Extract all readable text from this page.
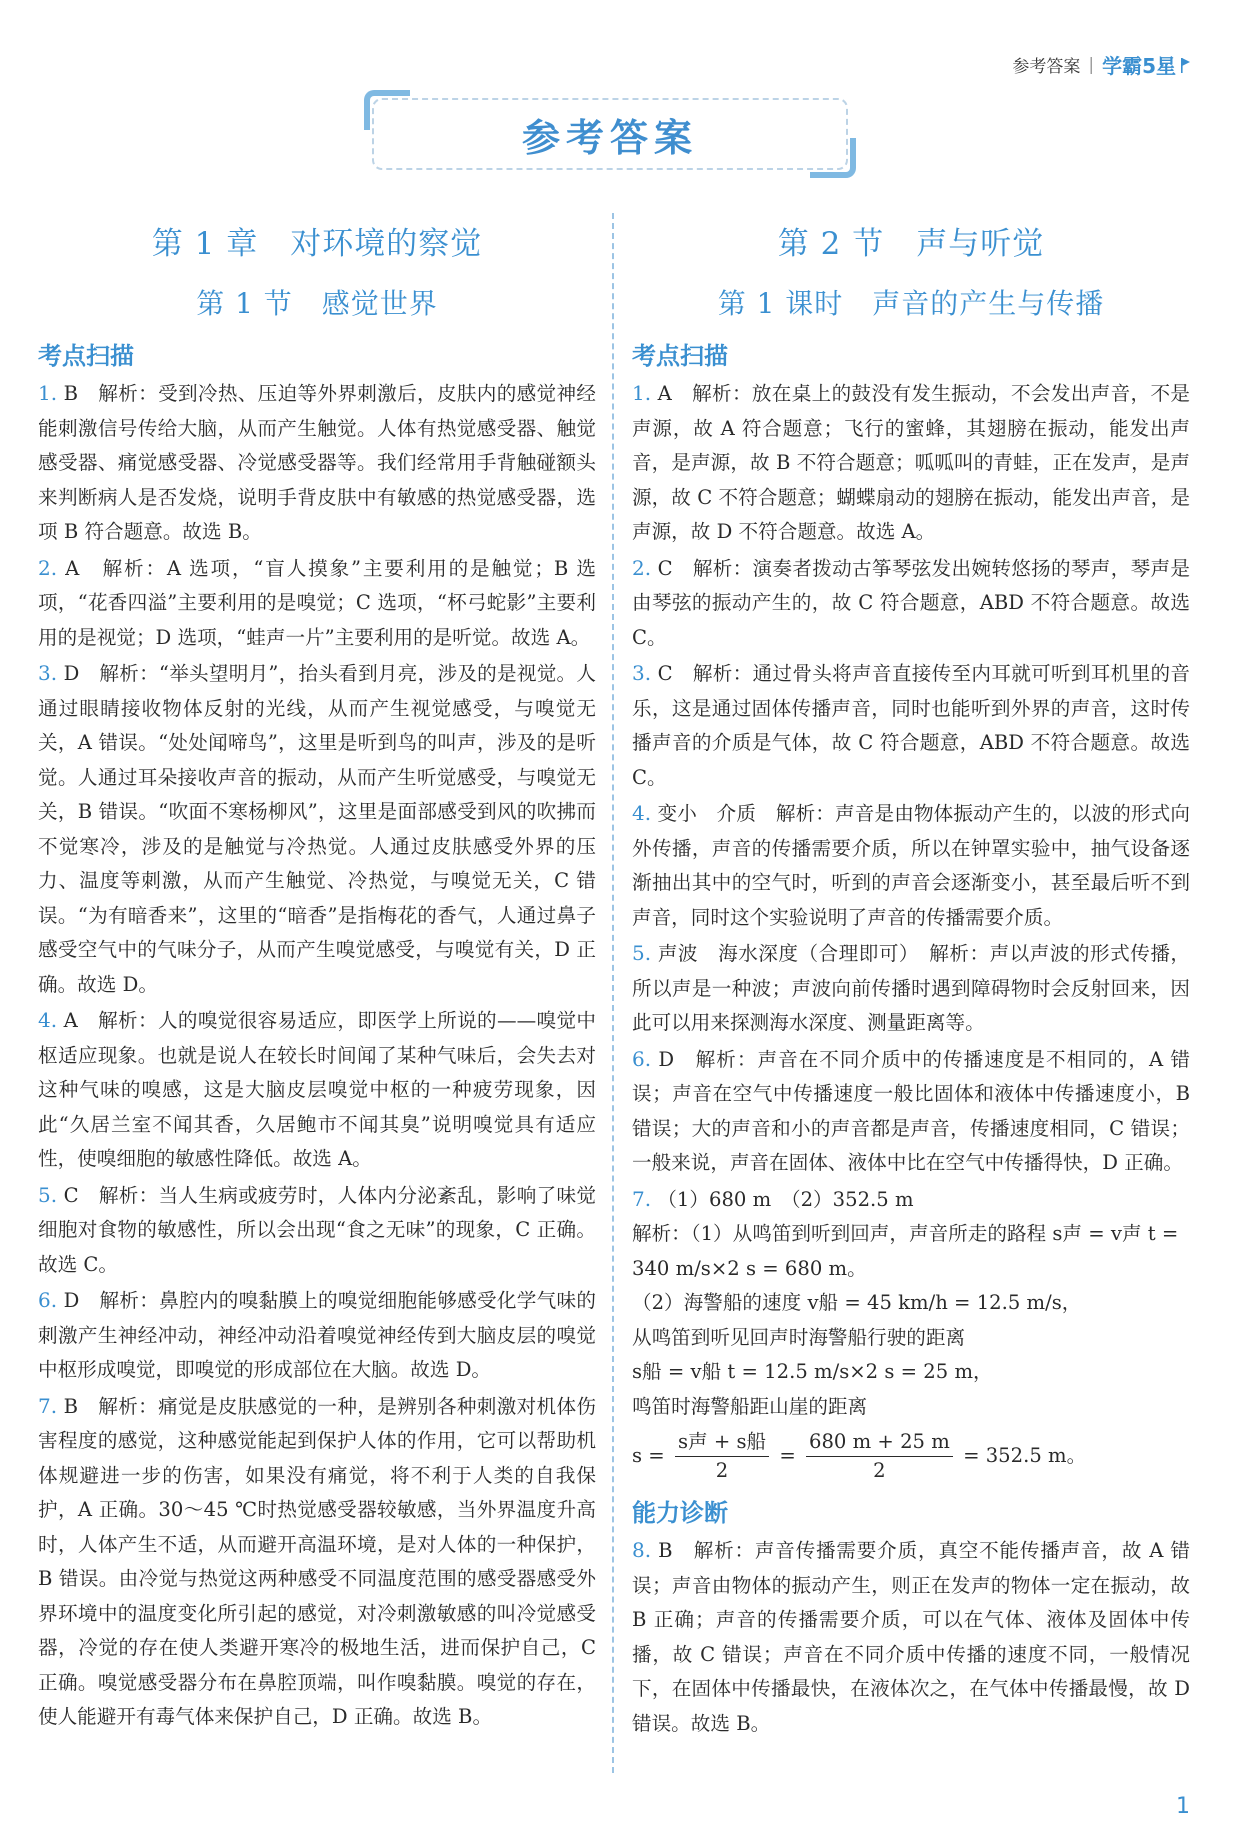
参考答案 | 学霸5星
参考答案
第 1 章　对环境的察觉
第 1 节　感觉世界
考点扫描

1. B　解析：受到冷热、压迫等外界刺激后，皮肤内的感觉神经能刺激信号传给大脑，从而产生触觉。人体有热觉感受器、触觉感受器、痛觉感受器、冷觉感受器等。我们经常用手背触碰额头来判断病人是否发烧，说明手背皮肤中有敏感的热觉感受器，选项 B 符合题意。故选 B。

2. A　解析：A 选项，“盲人摸象”主要利用的是触觉；B 选项，“花香四溢”主要利用的是嗅觉；C 选项，“杯弓蛇影”主要利用的是视觉；D 选项，“蛙声一片”主要利用的是听觉。故选 A。

3. D　解析：“举头望明月”，抬头看到月亮，涉及的是视觉。人通过眼睛接收物体反射的光线，从而产生视觉感受，与嗅觉无关，A 错误。“处处闻啼鸟”，这里是听到鸟的叫声，涉及的是听觉。人通过耳朵接收声音的振动，从而产生听觉感受，与嗅觉无关，B 错误。“吹面不寒杨柳风”，这里是面部感受到风的吹拂而不觉寒冷，涉及的是触觉与冷热觉。人通过皮肤感受外界的压力、温度等刺激，从而产生触觉、冷热觉，与嗅觉无关，C 错误。“为有暗香来”，这里的“暗香”是指梅花的香气，人通过鼻子感受空气中的气味分子，从而产生嗅觉感受，与嗅觉有关，D 正确。故选 D。

4. A　解析：人的嗅觉很容易适应，即医学上所说的——嗅觉中枢适应现象。也就是说人在较长时间闻了某种气味后，会失去对这种气味的嗅感，这是大脑皮层嗅觉中枢的一种疲劳现象，因此“久居兰室不闻其香，久居鲍市不闻其臭”说明嗅觉具有适应性，使嗅细胞的敏感性降低。故选 A。

5. C　解析：当人生病或疲劳时，人体内分泌紊乱，影响了味觉细胞对食物的敏感性，所以会出现“食之无味”的现象，C 正确。故选 C。

6. D　解析：鼻腔内的嗅黏膜上的嗅觉细胞能够感受化学气味的刺激产生神经冲动，神经冲动沿着嗅觉神经传到大脑皮层的嗅觉中枢形成嗅觉，即嗅觉的形成部位在大脑。故选 D。

7. B　解析：痛觉是皮肤感觉的一种，是辨别各种刺激对机体伤害程度的感觉，这种感觉能起到保护人体的作用，它可以帮助机体规避进一步的伤害，如果没有痛觉，将不利于人类的自我保护，A 正确。30～45 ℃时热觉感受器较敏感，当外界温度升高时，人体产生不适，从而避开高温环境，是对人体的一种保护，B 错误。由冷觉与热觉这两种感受不同温度范围的感受器感受外界环境中的温度变化所引起的感觉，对冷刺激敏感的叫冷觉感受器，冷觉的存在使人类避开寒冷的极地生活，进而保护自己，C 正确。嗅觉感受器分布在鼻腔顶端，叫作嗅黏膜。嗅觉的存在，使人能避开有毒气体来保护自己，D 正确。故选 B。

第 2 节　声与听觉
第 1 课时　声音的产生与传播
考点扫描

1. A　解析：放在桌上的鼓没有发生振动，不会发出声音，不是声源，故 A 符合题意；飞行的蜜蜂，其翅膀在振动，能发出声音，是声源，故 B 不符合题意；呱呱叫的青蛙，正在发声，是声源，故 C 不符合题意；蝴蝶扇动的翅膀在振动，能发出声音，是声源，故 D 不符合题意。故选 A。

2. C　解析：演奏者拨动古筝琴弦发出婉转悠扬的琴声，琴声是由琴弦的振动产生的，故 C 符合题意，ABD 不符合题意。故选 C。

3. C　解析：通过骨头将声音直接传至内耳就可听到耳机里的音乐，这是通过固体传播声音，同时也能听到外界的声音，这时传播声音的介质是气体，故 C 符合题意，ABD 不符合题意。故选 C。

4. 变小　介质　解析：声音是由物体振动产生的，以波的形式向外传播，声音的传播需要介质，所以在钟罩实验中，抽气设备逐渐抽出其中的空气时，听到的声音会逐渐变小，甚至最后听不到声音，同时这个实验说明了声音的传播需要介质。

5. 声波　海水深度（合理即可）　解析：声以声波的形式传播，所以声是一种波；声波向前传播时遇到障碍物时会反射回来，因此可以用来探测海水深度、测量距离等。

6. D　解析：声音在不同介质中的传播速度是不相同的，A 错误；声音在空气中传播速度一般比固体和液体中传播速度小，B 错误；大的声音和小的声音都是声音，传播速度相同，C 错误；一般来说，声音在固体、液体中比在空气中传播得快，D 正确。

7. （1）680 m　（2）352.5 m

解析：（1）从鸣笛到听到回声，声音所走的路程 s声 = v声 t =
340 m/s×2 s = 680 m。
（2）海警船的速度 v船 = 45 km/h = 12.5 m/s，
从鸣笛到听见回声时海警船行驶的距离
s船 = v船 t = 12.5 m/s×2 s = 25 m，
鸣笛时海警船距山崖的距离
$s = \frac{\text{s声 + s船}}{2} = \frac{680 m + 25 m}{2} = 352.5$ m。
能力诊断

8. B　解析：声音传播需要介质，真空不能传播声音，故 A 错误；声音由物体的振动产生，则正在发声的物体一定在振动，故 B 正确；声音的传播需要介质，可以在气体、液体及固体中传播，故 C 错误；声音在不同介质中传播的速度不同，一般情况下，在固体中传播最快，在液体次之，在气体中传播最慢，故 D 错误。故选 B。

1
